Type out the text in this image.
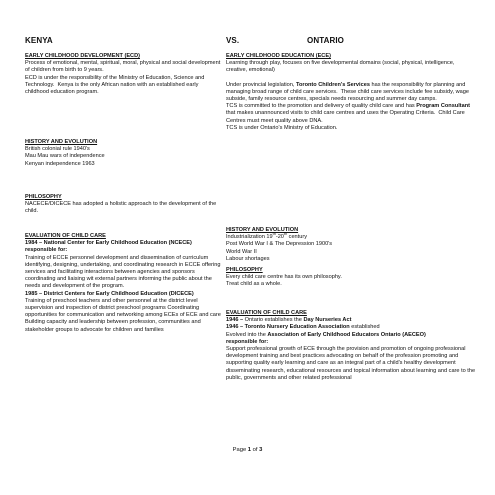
KENYA	VS.	ONTARIO

EARLY CHILDHOOD DEVELOPMENT (ECD)

Process of emotional, mental, spiritual, moral, physical and social development of children from birth to 9 years.

ECD is under the responsibility of the Ministry of Education, Science and Technology.  Kenya is the only African nation with an established early childhood education program.

HISTORY AND EVOLUTION

British colonial rule 1940's

Mau Mau wars of independence

Kenyan independence 1963

PHILOSOPHY

NACECE/DICECE has adopted a holistic approach to the development of the child.

EVALUATION OF CHILD CARE

1984 – National Center for Early Childhood Education (NCECE) responsible for:

Training of ECCE personnel development and dissemination of curriculum identifying, designing, undertaking, and coordinating research in ECCE offering services and facilitating interactions between agencies and sponsors coordinating and liaising wit external partners informing the public about the needs and development of the program.

1985 – District Centers for Early Childhood Education (DICECE)

Training of preschool teachers and other personnel at the district level supervision and inspection of district preschool programs Coordinating opportunities for communication and networking among ECEs of ECE and care
Building capacity and leadership between profession, communities and stakeholder groups to advocate for children and families

EARLY CHILDHOOD EDUCATION (ECE)

Learning through play, focuses on five developmental domains (social, physical, intelligence, creative, emotional)

Under provincial legislation, Toronto Children's Services has the responsibility for planning and managing broad range of child care services.  These child care services include fee subsidy, wage subside, family resource centres, specials needs resourcing and summer day camps.

TCS is committed to the promotion and delivery of quality child care and has Program Consultant that makes unannounced visits to child care centres and uses the Operating Criteria.  Child Care Centres must meet quality above DNA.

TCS is under Ontario's Ministry of Education.

HISTORY AND EVOLUTION

Industrialization 19th-20th century

Post World War I & The Depression 1900's

World War II

Labour shortages

PHILOSOPHY

Every child care centre has its own philosophy.

Treat child as a whole.

EVALUATION OF CHILD CARE

1946 – Ontario establishes the Day Nurseries Act

1946 – Toronto Nursery Education Association established

Evolved into the Association of Early Childhood Educators Ontario (AECEO)

responsible for:

Support professional growth of ECE through the provision and promotion of ongoing professional development training and best practices advocating on behalf of the profession promoting and supporting quality early learning and care as an integral part of a child's healthy development disseminating research, educational resources and topical information about learning and care to the public, governments and other related professional

Page 1 of 3
